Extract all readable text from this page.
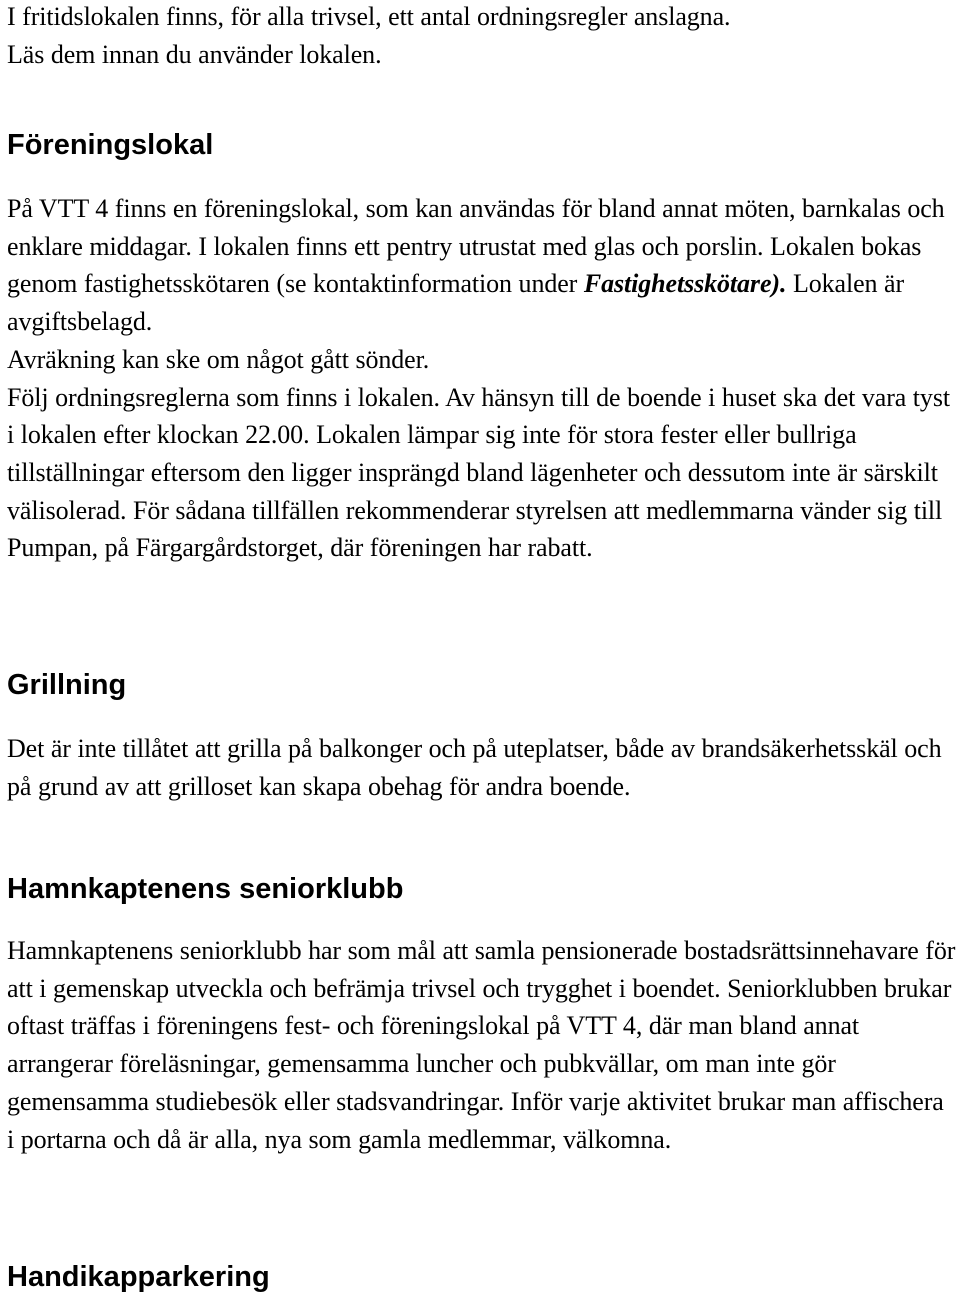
I fritidslokalen finns, för alla trivsel, ett antal ordningsregler anslagna.
Läs dem innan du använder lokalen.

Föreningslokal

På VTT 4 finns en föreningslokal, som kan användas för bland annat möten, barnkalas och enklare middagar. I lokalen finns ett pentry utrustat med glas och porslin. Lokalen bokas genom fastighetsskötaren (se kontaktinformation under Fastighetsskötare). Lokalen är avgiftsbelagd.
Avräkning kan ske om något gått sönder.
Följ ordningsreglerna som finns i lokalen. Av hänsyn till de boende i huset ska det vara tyst i lokalen efter klockan 22.00. Lokalen lämpar sig inte för stora fester eller bullriga tillställningar eftersom den ligger insprängd bland lägenheter och dessutom inte är särskilt välisolerad. För sådana tillfällen rekommenderar styrelsen att medlemmarna vänder sig till Pumpan, på Färgargårdstorget, där föreningen har rabatt.

Grillning

Det är inte tillåtet att grilla på balkonger och på uteplatser, både av brandsäkerhetsskäl och på grund av att grilloset kan skapa obehag för andra boende.

Hamnkaptenens seniorklubb

Hamnkaptenens seniorklubb har som mål att samla pensionerade bostadsrättsinnehavare för att i gemenskap utveckla och befrämja trivsel och trygghet i boendet. Seniorklubben brukar oftast träffas i föreningens fest- och föreningslokal på VTT 4, där man bland annat arrangerar föreläsningar, gemensamma luncher och pubkvällar, om man inte gör gemensamma studiebesök eller stadsvandringar. Inför varje aktivitet brukar man affischera i portarna och då är alla, nya som gamla medlemmar, välkomna.

Handikapparkering
